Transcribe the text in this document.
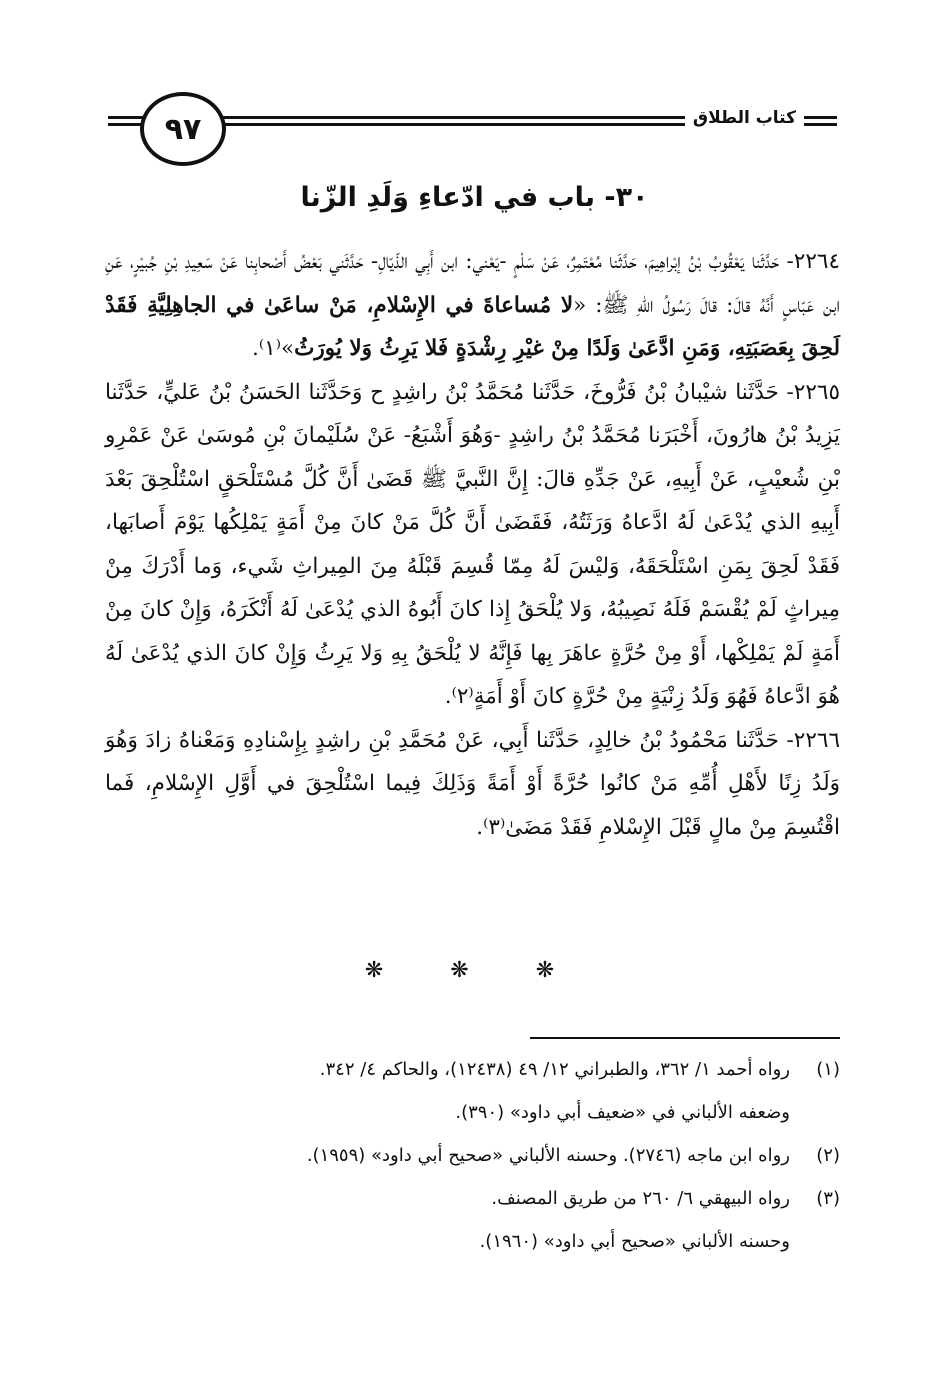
كتاب الطلاق
٩٧
٣٠- باب في ادّعاءِ وَلَدِ الزّنا

٢٢٦٤- حَدَّثَنا يَعْقُوبُ بْنُ إبْراهِيمَ، حَدَّثَنا مُعْتَمِرٌ، عَنْ سَلْمٍ -يَعْني: ابن أَبِي الذّيّالِ- حَدَّثَني بَعْضُ أَصْحابِنا عَنْ سَعِيدِ بْنِ جُبيْرٍ، عَنِ ابن عَبّاسٍ أَنَّهُ قالَ: قالَ رَسُولُ اللهِ ﷺ: «لا مُساعاةَ في الإِسْلامِ، مَنْ ساعَىٰ في الجاهِلِيَّةِ فَقَدْ لَحِقَ بِعَصَبَتِهِ، وَمَنِ ادَّعَىٰ وَلَدًا مِنْ غيْرِ رِشْدَةٍ فَلا يَرِثُ وَلا يُورَثُ»⁽١⁾.

٢٢٦٥- حَدَّثَنا شيْبانُ بْنُ فَرُّوخَ، حَدَّثَنا مُحَمَّدُ بْنُ راشِدٍ ح وَحَدَّثَنا الحَسَنُ بْنُ عَليٍّ، حَدَّثَنا يَزِيدُ بْنُ هارُونَ، أَخْبَرَنا مُحَمَّدُ بْنُ راشِدٍ -وَهُوَ أَشْبَعُ- عَنْ سُلَيْمانَ بْنِ مُوسَىٰ عَنْ عَمْرِو بْنِ شُعيْبٍ، عَنْ أَبِيهِ، عَنْ جَدِّهِ قالَ: إِنَّ النَّبيَّ ﷺ قَضَىٰ أَنَّ كُلَّ مُسْتَلْحَقٍ اسْتُلْحِقَ بَعْدَ أَبِيهِ الذي يُدْعَىٰ لَهُ ادَّعاهُ وَرَثَتُهُ، فَقَضَىٰ أَنَّ كُلَّ مَنْ كانَ مِنْ أَمَةٍ يَمْلِكُها يَوْمَ أَصابَها، فَقَدْ لَحِقَ بِمَنِ اسْتَلْحَقَهُ، وَليْسَ لَهُ مِمّا قُسِمَ قَبْلَهُ مِنَ المِيراثِ شَيء، وَما أَدْرَكَ مِنْ مِيراثٍ لَمْ يُقْسَمْ فَلَهُ نَصِيبُهُ، وَلا يُلْحَقُ إِذا كانَ أَبُوهُ الذي يُدْعَىٰ لَهُ أَنْكَرَهُ، وَإِنْ كانَ مِنْ أَمَةٍ لَمْ يَمْلِكْها، أَوْ مِنْ حُرَّةٍ عاهَرَ بِها فَإِنَّهُ لا يُلْحَقُ بِهِ وَلا يَرِثُ وَإِنْ كانَ الذي يُدْعَىٰ لَهُ هُوَ ادَّعاهُ فَهُوَ وَلَدُ زِنْيَةٍ مِنْ حُرَّةٍ كانَ أَوْ أَمَةٍ⁽٢⁾.

٢٢٦٦- حَدَّثَنا مَحْمُودُ بْنُ خالِدٍ، حَدَّثَنا أَبِي، عَنْ مُحَمَّدِ بْنِ راشِدٍ بِإِسْنادِهِ وَمَعْناهُ زادَ وَهُوَ وَلَدُ زِنًا لأَهْلِ أُمِّهِ مَنْ كانُوا حُرَّةً أَوْ أَمَةً وَذَلِكَ فِيما اسْتُلْحِقَ في أَوَّلِ الإِسْلامِ، فَما اقْتُسِمَ مِنْ مالٍ قَبْلَ الإِسْلامِ فَقَدْ مَضَىٰ⁽٣⁾.

❋ ❋ ❋
(١)
رواه أحمد ١/ ٣٦٢، والطبراني ١٢/ ٤٩ (١٢٤٣٨)، والحاكم ٤/ ٣٤٢.
وضعفه الألباني في «ضعيف أبي داود» (٣٩٠).
(٢)
رواه ابن ماجه (٢٧٤٦). وحسنه الألباني «صحيح أبي داود» (١٩٥٩).
(٣)
رواه البيهقي ٦/ ٢٦٠ من طريق المصنف.
وحسنه الألباني «صحيح أبي داود» (١٩٦٠).
